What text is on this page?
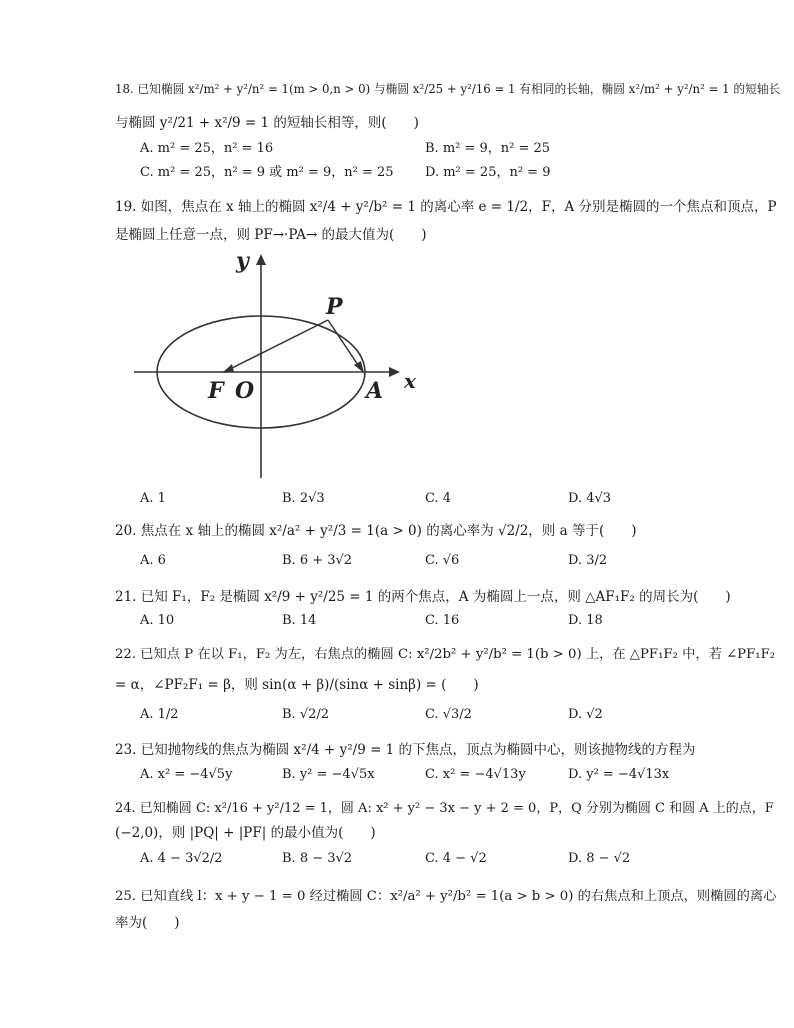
18. 已知椭圆 x²/m² + y²/n² = 1(m > 0,n > 0) 与椭圆 x²/25 + y²/16 = 1 有相同的长轴，椭圆 x²/m² + y²/n² = 1 的短轴长
与椭圆 y²/21 + x²/9 = 1 的短轴长相等，则(　　)
A. m² = 25，n² = 16	B. m² = 9，n² = 25
C. m² = 25，n² = 9 或 m² = 9，n² = 25 D. m² = 25，n² = 9
19. 如图，焦点在 x 轴上的椭圆 x²/4 + y²/b² = 1 的离心率 e = 1/2，F，A 分别是椭圆的一个焦点和顶点，P
是椭圆上任意一点，则 PF→·PA→ 的最大值为(　　)
y
x
P
F O	A
A. 1	B. 2√3	C. 4	D. 4√3
20. 焦点在 x 轴上的椭圆 x²/a² + y²/3 = 1(a > 0) 的离心率为 √2/2，则 a 等于(　　)
A. 6	B. 6 + 3√2	C. √6	D. 3/2
21. 已知 F₁，F₂ 是椭圆 x²/9 + y²/25 = 1 的两个焦点，A 为椭圆上一点，则 △AF₁F₂ 的周长为(　　)
A. 10	B. 14	C. 16	D. 18
22. 已知点 P 在以 F₁，F₂ 为左，右焦点的椭圆 C: x²/2b² + y²/b² = 1(b > 0) 上，在 △PF₁F₂ 中，若 ∠PF₁F₂
= α，∠PF₂F₁ = β，则 sin(α + β)/(sinα + sinβ) = (　　)
A. 1/2	B. √2/2	C. √3/2	D. √2
23. 已知抛物线的焦点为椭圆 x²/4 + y²/9 = 1 的下焦点，顶点为椭圆中心，则该抛物线的方程为
A. x² = −4√5y	B. y² = −4√5x	C. x² = −4√13y	D. y² = −4√13x
24. 已知椭圆 C: x²/16 + y²/12 = 1，圆 A: x² + y² − 3x − y + 2 = 0，P，Q 分别为椭圆 C 和圆 A 上的点，F
(−2,0)，则 |PQ| + |PF| 的最小值为(　　)
A. 4 − 3√2/2	B. 8 − 3√2	C. 4 − √2	D. 8 − √2
25. 已知直线 l：x + y − 1 = 0 经过椭圆 C：x²/a² + y²/b² = 1(a > b > 0) 的右焦点和上顶点，则椭圆的离心
率为(　　)
